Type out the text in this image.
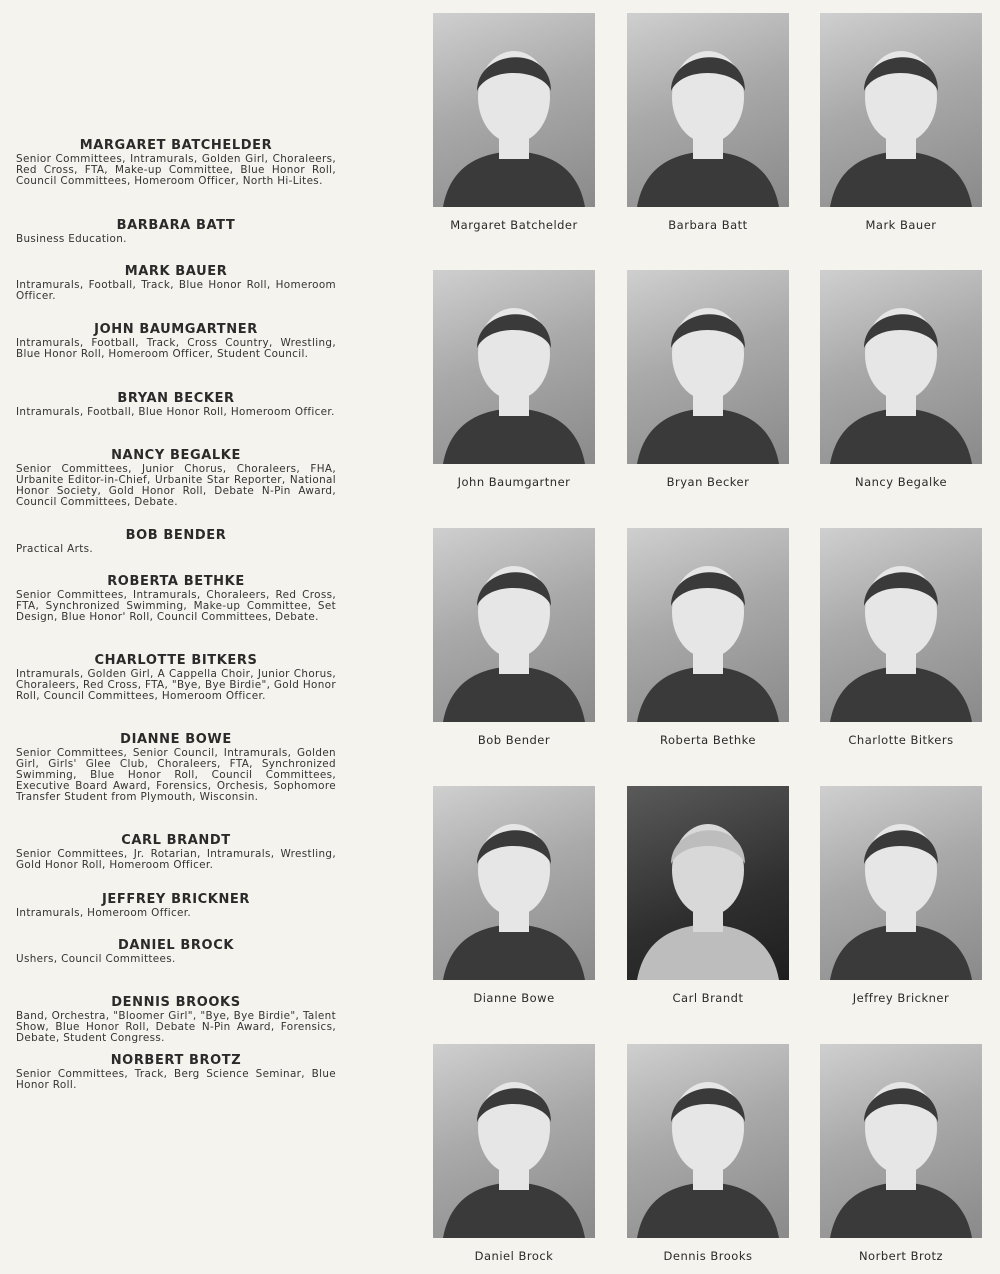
MARGARET BATCHELDER
Senior Committees, Intramurals, Golden Girl, Choraleers, Red Cross, FTA, Make-up Committee, Blue Honor Roll, Council Committees, Homeroom Officer, North Hi-Lites.
BARBARA BATT
Business Education.
MARK BAUER
Intramurals, Football, Track, Blue Honor Roll, Homeroom Officer.
JOHN BAUMGARTNER
Intramurals, Football, Track, Cross Country, Wrestling, Blue Honor Roll, Homeroom Officer, Student Council.
BRYAN BECKER
Intramurals, Football, Blue Honor Roll, Homeroom Officer.
NANCY BEGALKE
Senior Committees, Junior Chorus, Choraleers, FHA, Urbanite Editor-in-Chief, Urbanite Star Reporter, National Honor Society, Gold Honor Roll, Debate N-Pin Award, Council Committees, Debate.
BOB BENDER
Practical Arts.
ROBERTA BETHKE
Senior Committees, Intramurals, Choraleers, Red Cross, FTA, Synchronized Swimming, Make-up Committee, Set Design, Blue Honor' Roll, Council Committees, Debate.
CHARLOTTE BITKERS
Intramurals, Golden Girl, A Cappella Choir, Junior Chorus, Choraleers, Red Cross, FTA, "Bye, Bye Birdie", Gold Honor Roll, Council Committees, Homeroom Officer.
DIANNE BOWE
Senior Committees, Senior Council, Intramurals, Golden Girl, Girls' Glee Club, Choraleers, FTA, Synchronized Swimming, Blue Honor Roll, Council Committees, Executive Board Award, Forensics, Orchesis, Sophomore Transfer Student from Plymouth, Wisconsin.
CARL BRANDT
Senior Committees, Jr. Rotarian, Intramurals, Wrestling, Gold Honor Roll, Homeroom Officer.
JEFFREY BRICKNER
Intramurals, Homeroom Officer.
DANIEL BROCK
Ushers, Council Committees.
DENNIS BROOKS
Band, Orchestra, "Bloomer Girl", "Bye, Bye Birdie", Talent Show, Blue Honor Roll, Debate N-Pin Award, Forensics, Debate, Student Congress.
NORBERT BROTZ
Senior Committees, Track, Berg Science Seminar, Blue Honor Roll.
Margaret Batchelder	Barbara Batt	Mark Bauer
John Baumgartner	Bryan Becker	Nancy Begalke
Bob Bender	Roberta Bethke	Charlotte Bitkers
Dianne Bowe	Carl Brandt	Jeffrey Brickner
Daniel Brock	Dennis Brooks	Norbert Brotz
